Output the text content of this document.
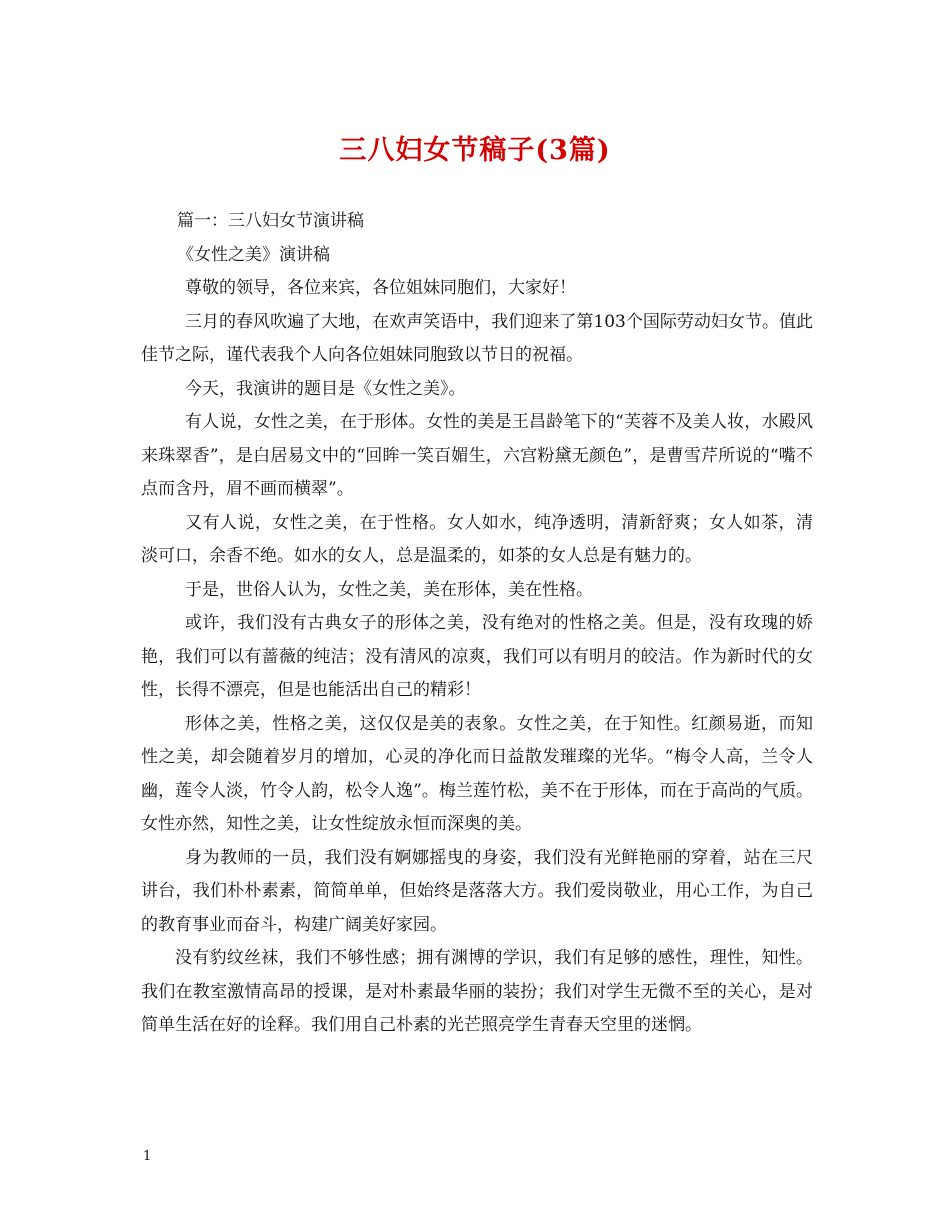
三八妇女节稿子(3篇)

篇一：三八妇女节演讲稿

《女性之美》演讲稿

尊敬的领导，各位来宾，各位姐妹同胞们，大家好！

三月的春风吹遍了大地，在欢声笑语中，我们迎来了第103个国际劳动妇女节。值此佳节之际，谨代表我个人向各位姐妹同胞致以节日的祝福。

今天，我演讲的题目是《女性之美》。

有人说，女性之美，在于形体。女性的美是王昌龄笔下的“芙蓉不及美人妆，水殿风来珠翠香”，是白居易文中的“回眸一笑百媚生，六宫粉黛无颜色”，是曹雪芹所说的“嘴不点而含丹，眉不画而横翠”。

又有人说，女性之美，在于性格。女人如水，纯净透明，清新舒爽；女人如茶，清淡可口，余香不绝。如水的女人，总是温柔的，如茶的女人总是有魅力的。

于是，世俗人认为，女性之美，美在形体，美在性格。

或许，我们没有古典女子的形体之美，没有绝对的性格之美。但是，没有玫瑰的娇艳，我们可以有蔷薇的纯洁；没有清风的凉爽，我们可以有明月的皎洁。作为新时代的女性，长得不漂亮，但是也能活出自己的精彩！

形体之美，性格之美，这仅仅是美的表象。女性之美，在于知性。红颜易逝，而知性之美，却会随着岁月的增加，心灵的净化而日益散发璀璨的光华。“梅令人高，兰令人幽，莲令人淡，竹令人韵，松令人逸”。梅兰莲竹松，美不在于形体，而在于高尚的气质。女性亦然，知性之美，让女性绽放永恒而深奥的美。

身为教师的一员，我们没有婀娜摇曳的身姿，我们没有光鲜艳丽的穿着，站在三尺讲台，我们朴朴素素，简简单单，但始终是落落大方。我们爱岗敬业，用心工作，为自己的教育事业而奋斗，构建广阔美好家园。

没有豹纹丝袜，我们不够性感；拥有渊博的学识，我们有足够的感性，理性，知性。我们在教室激情高昂的授课，是对朴素最华丽的装扮；我们对学生无微不至的关心，是对简单生活在好的诠释。我们用自己朴素的光芒照亮学生青春天空里的迷惘。

1
